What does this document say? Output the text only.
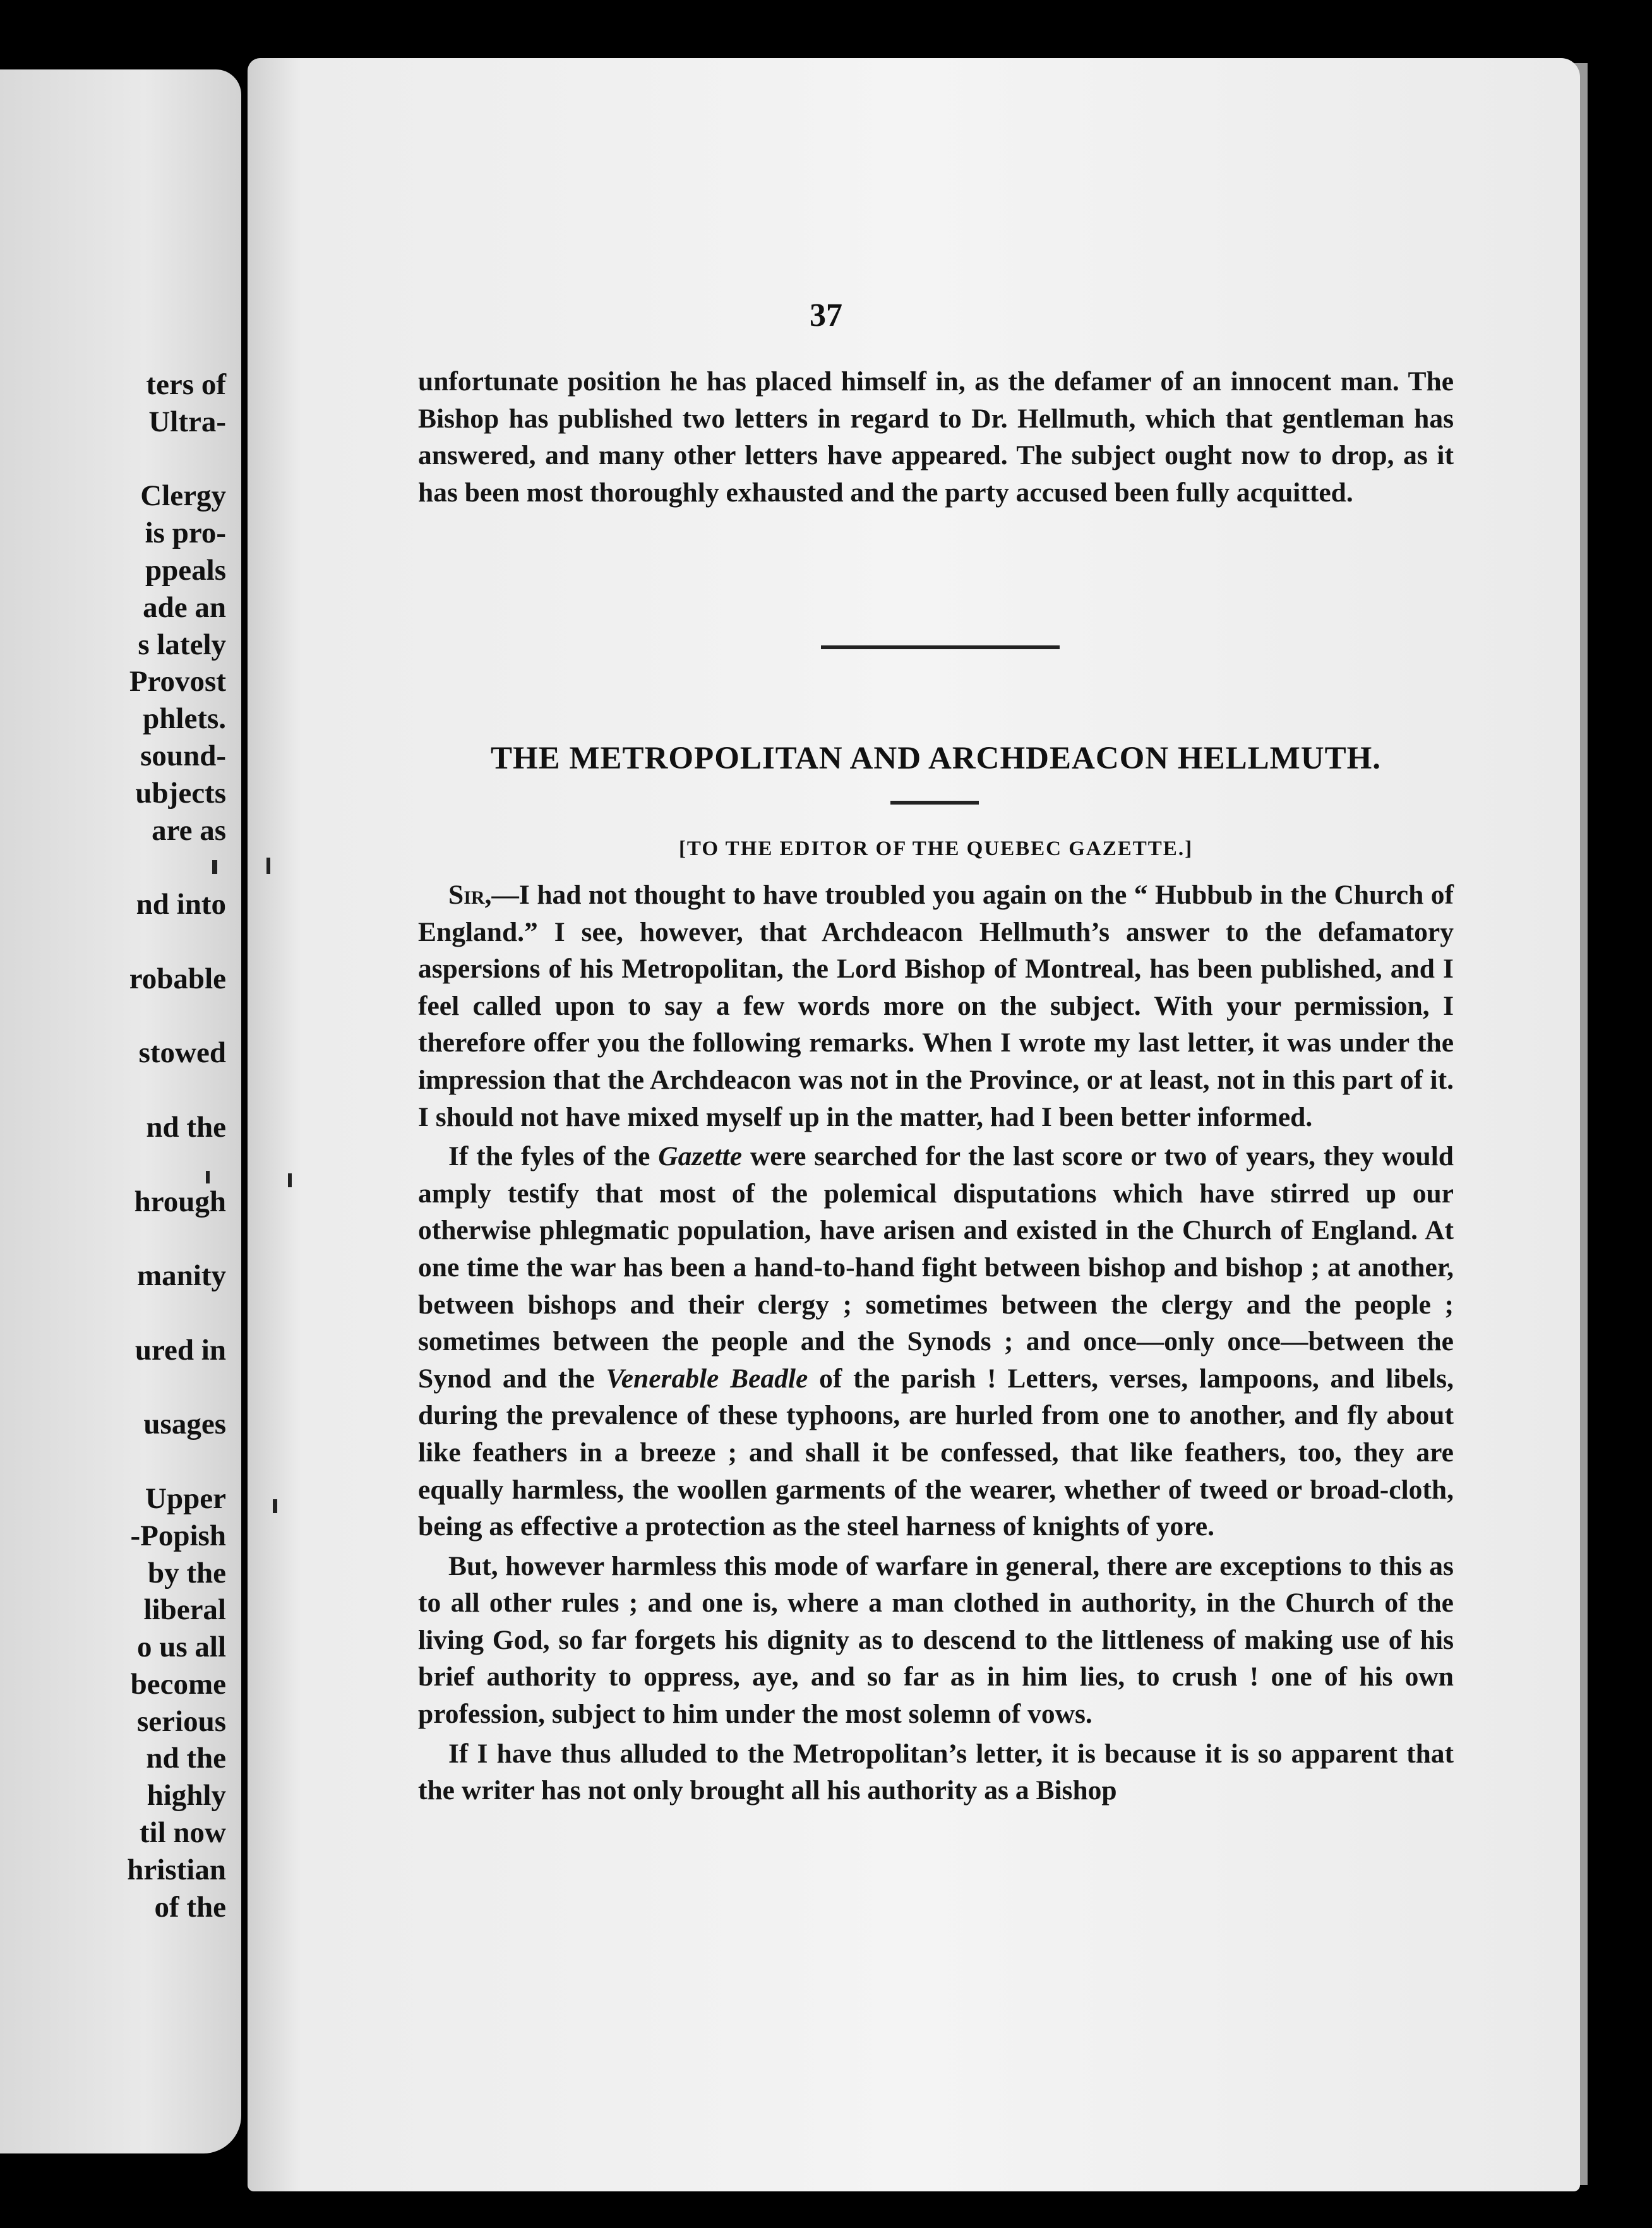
ters of
Ultra-
Clergy
is pro-
ppeals
ade an
s lately
Provost
phlets.
sound-
ubjects
are as
nd into
robable
stowed
nd the
hrough
manity
ured in
usages
Upper
-Popish
by the
liberal
o us all
become
serious
nd the
highly
til now
hristian
of the
37

unfortunate position he has placed himself in, as the defamer of an innocent man. The Bishop has published two letters in regard to Dr. Hellmuth, which that gentleman has answered, and many other letters have appeared. The subject ought now to drop, as it has been most thoroughly exhausted and the party accused been fully acquitted.

THE METROPOLITAN AND ARCHDEACON HELLMUTH.
[TO THE EDITOR OF THE QUEBEC GAZETTE.]

Sir,—I had not thought to have troubled you again on the “ Hubbub in the Church of England.” I see, however, that Archdeacon Hellmuth’s answer to the defamatory aspersions of his Metropolitan, the Lord Bishop of Montreal, has been published, and I feel called upon to say a few words more on the subject. With your permission, I therefore offer you the following remarks. When I wrote my last letter, it was under the impression that the Archdeacon was not in the Province, or at least, not in this part of it. I should not have mixed myself up in the matter, had I been better informed.

If the fyles of the Gazette were searched for the last score or two of years, they would amply testify that most of the polemical disputations which have stirred up our otherwise phlegmatic population, have arisen and existed in the Church of England. At one time the war has been a hand-to-hand fight between bishop and bishop ; at another, between bishops and their clergy ; sometimes between the clergy and the people ; sometimes between the people and the Synods ; and once—only once—between the Synod and the Venerable Beadle of the parish ! Letters, verses, lampoons, and libels, during the prevalence of these typhoons, are hurled from one to another, and fly about like feathers in a breeze ; and shall it be confessed, that like feathers, too, they are equally harmless, the woollen garments of the wearer, whether of tweed or broad-cloth, being as effective a protection as the steel harness of knights of yore.

But, however harmless this mode of warfare in general, there are exceptions to this as to all other rules ; and one is, where a man clothed in authority, in the Church of the living God, so far forgets his dignity as to descend to the littleness of making use of his brief authority to oppress, aye, and so far as in him lies, to crush ! one of his own profession, subject to him under the most solemn of vows.

If I have thus alluded to the Metropolitan’s letter, it is because it is so apparent that the writer has not only brought all his authority as a Bishop
